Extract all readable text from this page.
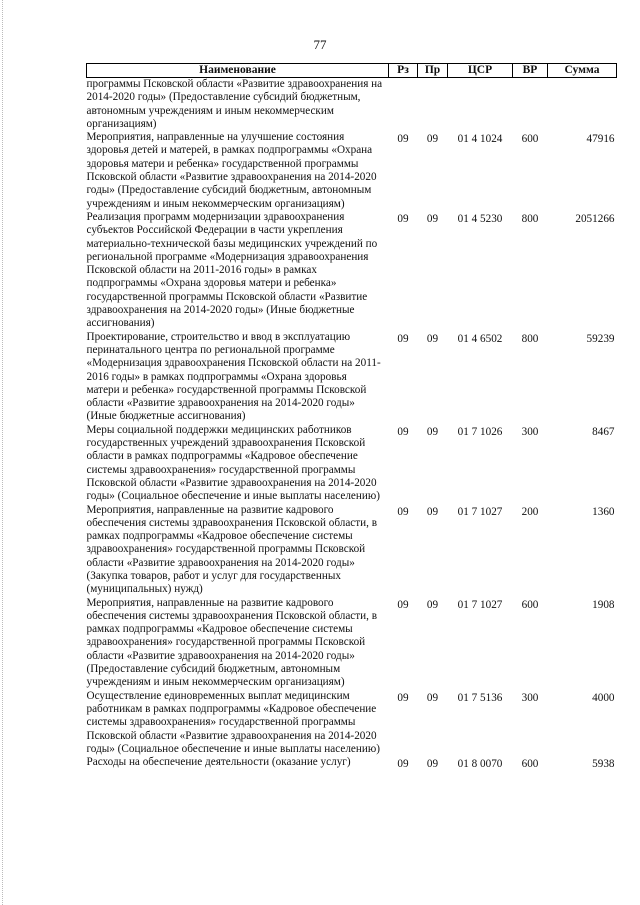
77
Наименование	Рз	Пр	ЦСР	ВР	Сумма
программы Псковской области «Развитие здравоохранения на 2014-2020 годы» (Предоставление субсидий бюджетным, автономным учреждениям и иным некоммерческим организациям)					
Мероприятия, направленные на улучшение состояния здоровья детей и матерей, в рамках подпрограммы «Охрана здоровья матери и ребенка» государственной программы Псковской области «Развитие здравоохранения на 2014-2020 годы» (Предоставление субсидий бюджетным, автономным учреждениям и иным некоммерческим организациям)	09	09	01 4 1024	600	47916
Реализация программ модернизации здравоохранения субъектов Российской Федерации в части укрепления материально-технической базы медицинских учреждений по региональной программе «Модернизация здравоохранения Псковской области на 2011-2016 годы» в рамках подпрограммы «Охрана здоровья матери и ребенка» государственной программы Псковской области «Развитие здравоохранения на 2014-2020 годы» (Иные бюджетные ассигнования)	09	09	01 4 5230	800	2051266
Проектирование, строительство и ввод в эксплуатацию перинатального центра по региональной программе «Модернизация здравоохранения Псковской области на 2011-2016 годы» в рамках подпрограммы «Охрана здоровья матери и ребенка» государственной программы Псковской области «Развитие здравоохранения на 2014-2020 годы» (Иные бюджетные ассигнования)	09	09	01 4 6502	800	59239
Меры социальной поддержки медицинских работников государственных учреждений здравоохранения Псковской области в рамках подпрограммы «Кадровое обеспечение системы здравоохранения» государственной программы Псковской области «Развитие здравоохранения на 2014-2020 годы» (Социальное обеспечение и иные выплаты населению)	09	09	01 7 1026	300	8467
Мероприятия, направленные на развитие кадрового обеспечения системы здравоохранения Псковской области, в рамках подпрограммы «Кадровое обеспечение системы здравоохранения» государственной программы Псковской области «Развитие здравоохранения на 2014-2020 годы» (Закупка товаров, работ и услуг для государственных (муниципальных) нужд)	09	09	01 7 1027	200	1360
Мероприятия, направленные на развитие кадрового обеспечения системы здравоохранения Псковской области, в рамках подпрограммы «Кадровое обеспечение системы здравоохранения» государственной программы Псковской области «Развитие здравоохранения на 2014-2020 годы» (Предоставление субсидий бюджетным, автономным учреждениям и иным некоммерческим организациям)	09	09	01 7 1027	600	1908
Осуществление единовременных выплат медицинским работникам в рамках подпрограммы «Кадровое обеспечение системы здравоохранения» государственной программы Псковской области «Развитие здравоохранения на 2014-2020 годы» (Социальное обеспечение и иные выплаты населению)	09	09	01 7 5136	300	4000
Расходы на обеспечение деятельности (оказание услуг)	09	09	01 8 0070	600	5938
